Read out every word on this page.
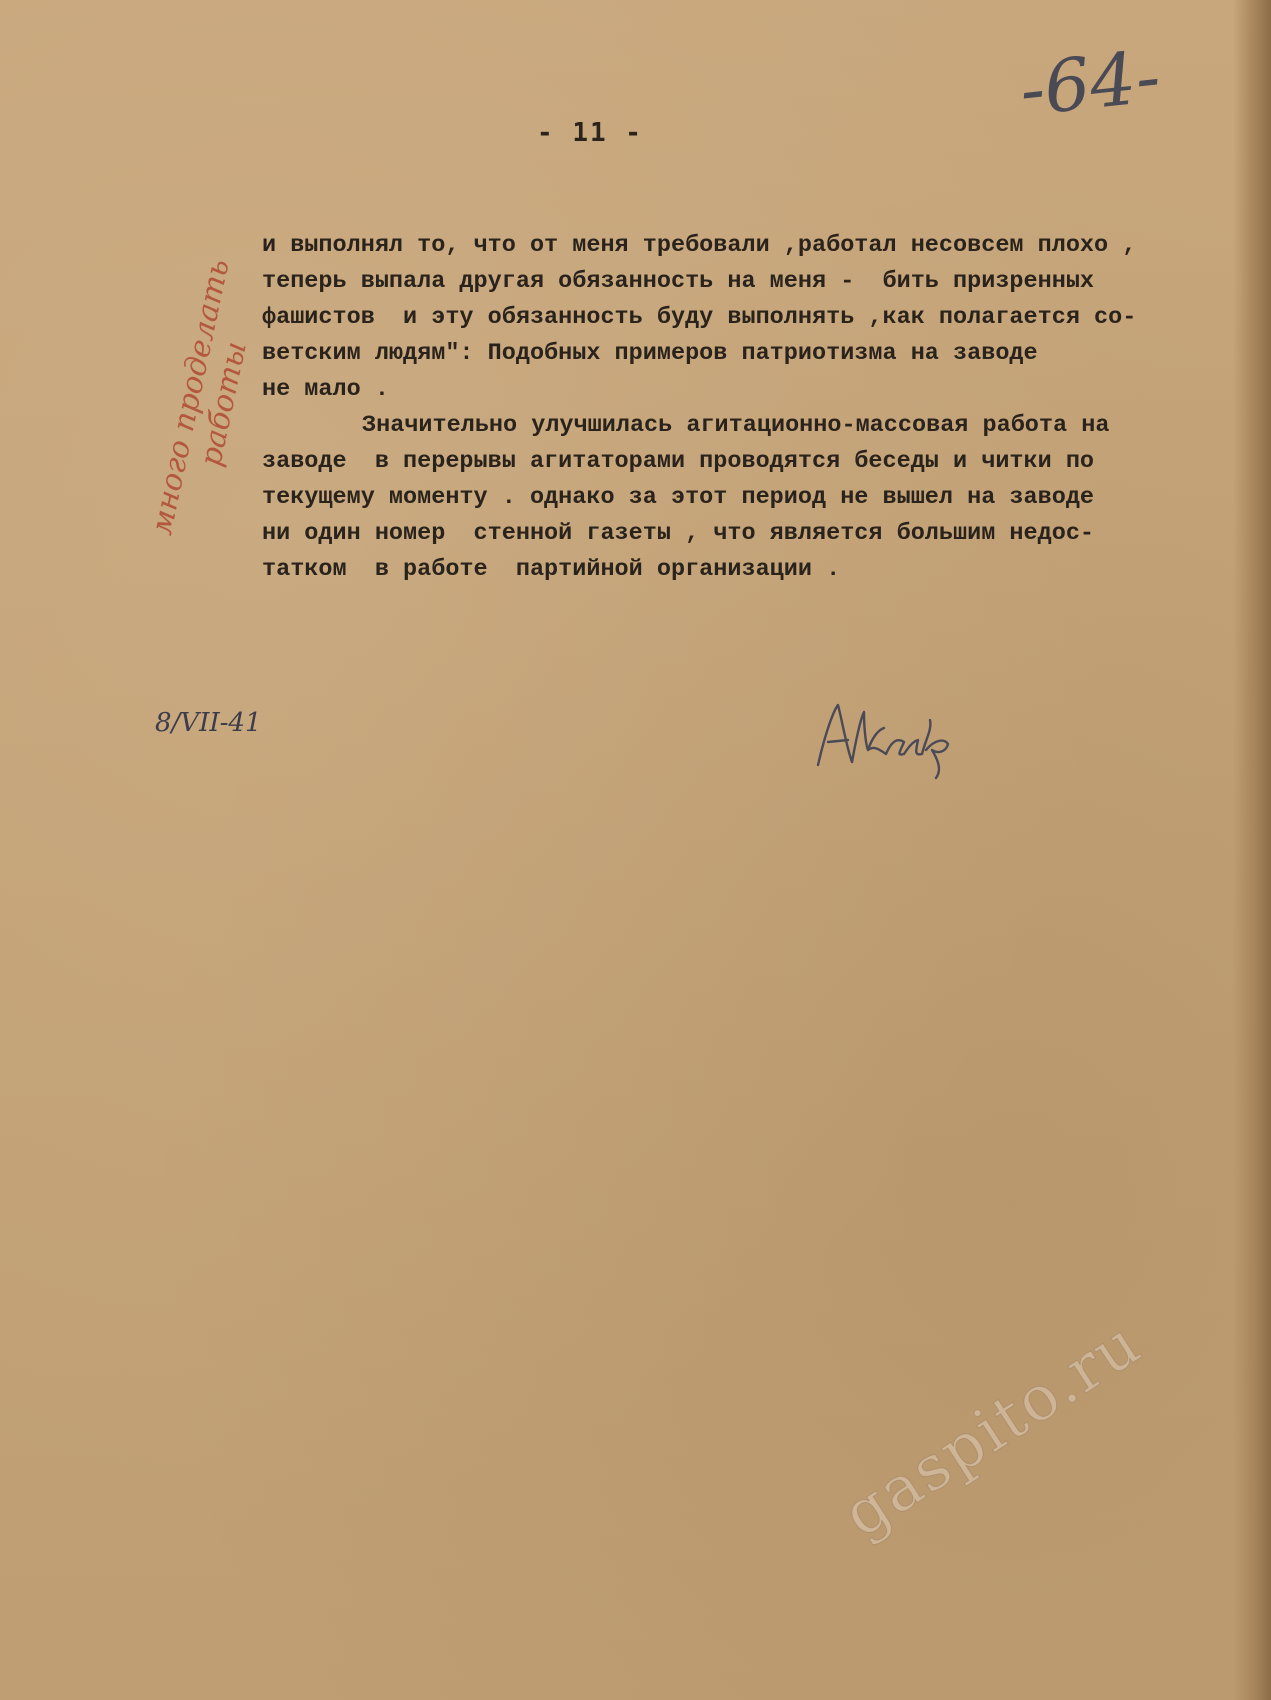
-64-
- 11 -
и выполнял то, что от меня требовали ,работал несовсем плохо ,
теперь выпала другая обязанность на меня -  бить призренных
фашистов  и эту обязанность буду выполнять ,как полагается со-
ветским людям": Подобных примеров патриотизма на заводе
не мало .
Значительно улучшилась агитационно-массовая работа на
заводе  в перерывы агитаторами проводятся беседы и читки по
текущему моменту . однако за этот период не вышел на заводе
ни один номер  стенной газеты , что является большим недос-
татком  в работе  партийной организации .
много проделать работы
8/VII-41
gaspito.ru
